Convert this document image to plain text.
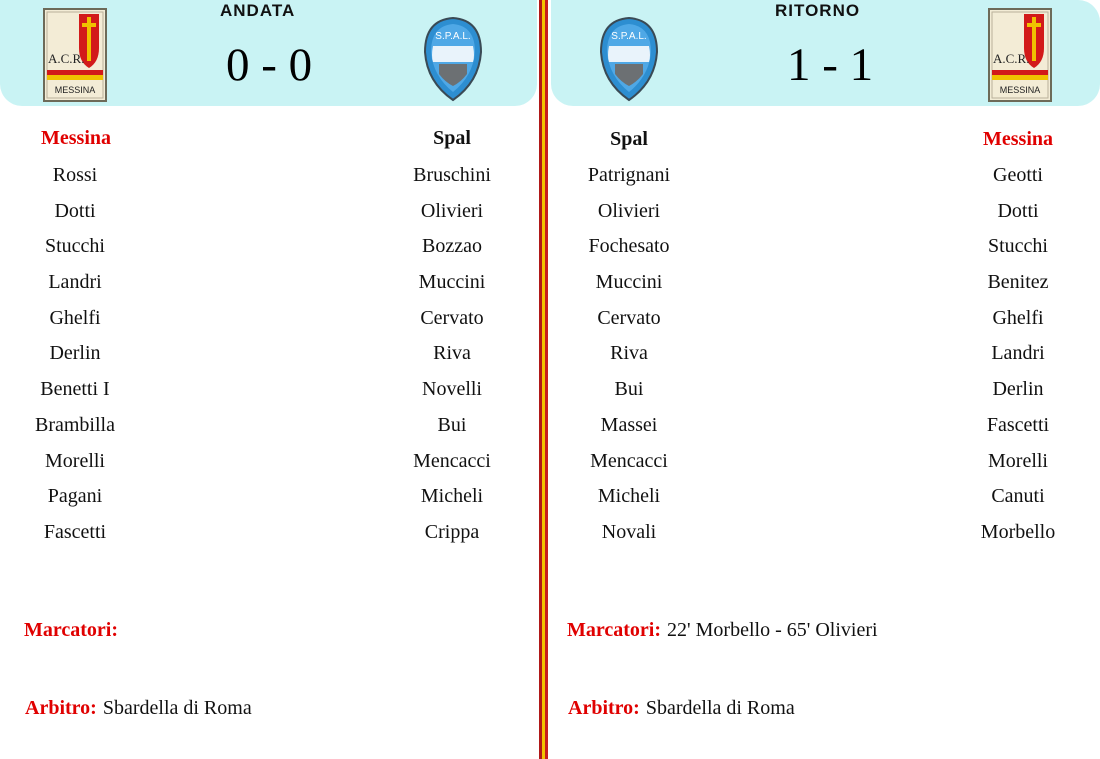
ANDATA
0 - 0
A.C.R.
MESSINA
S.P.A.L.
Messina	Spal
Rossi
Dotti
Stucchi
Landri
Ghelfi
Derlin
Benetti I
Brambilla
Morelli
Pagani
Fascetti
Bruschini
Olivieri
Bozzao
Muccini
Cervato
Riva
Novelli
Bui
Mencacci
Micheli
Crippa
Marcatori:
Arbitro: Sbardella di Roma
RITORNO
1 - 1
S.P.A.L.
A.C.R.
MESSINA
Spal	Messina
Patrignani
Olivieri
Fochesato
Muccini
Cervato
Riva
Bui
Massei
Mencacci
Micheli
Novali
Geotti
Dotti
Stucchi
Benitez
Ghelfi
Landri
Derlin
Fascetti
Morelli
Canuti
Morbello
Marcatori: 22' Morbello - 65' Olivieri
Arbitro: Sbardella di Roma
